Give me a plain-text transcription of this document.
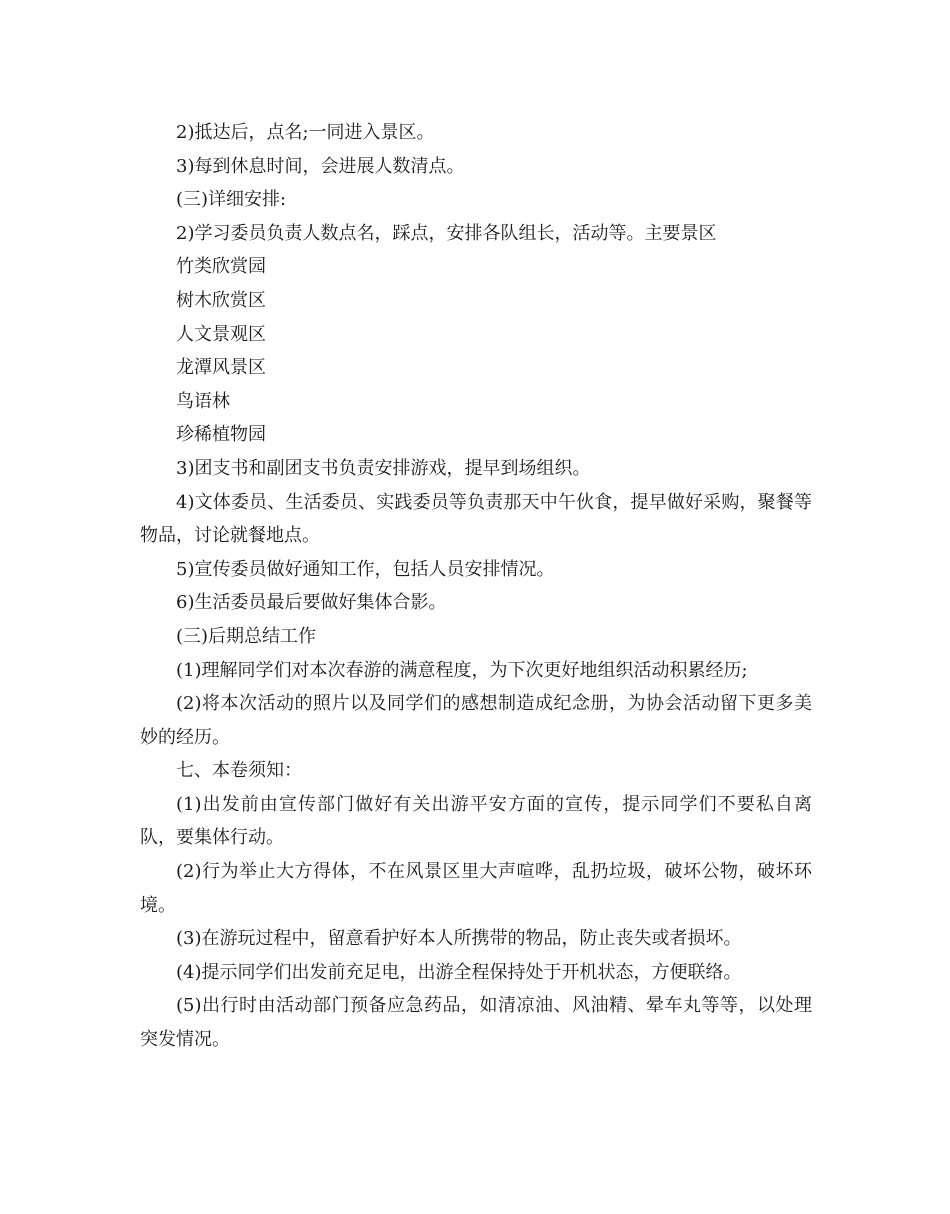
2)抵达后，点名;一同进入景区。

3)每到休息时间，会进展人数清点。

(三)详细安排:

2)学习委员负责人数点名，踩点，安排各队组长，活动等。主要景区

竹类欣赏园

树木欣赏区

人文景观区

龙潭风景区

鸟语林

珍稀植物园

3)团支书和副团支书负责安排游戏，提早到场组织。

4)文体委员、生活委员、实践委员等负责那天中午伙食，提早做好采购，聚餐等物品，讨论就餐地点。

5)宣传委员做好通知工作，包括人员安排情况。

6)生活委员最后要做好集体合影。

(三)后期总结工作

(1)理解同学们对本次春游的满意程度，为下次更好地组织活动积累经历;

(2)将本次活动的照片以及同学们的感想制造成纪念册，为协会活动留下更多美妙的经历。

七、本卷须知：

(1)出发前由宣传部门做好有关出游平安方面的宣传，提示同学们不要私自离队，要集体行动。

(2)行为举止大方得体，不在风景区里大声喧哗，乱扔垃圾，破坏公物，破坏环境。

(3)在游玩过程中，留意看护好本人所携带的物品，防止丧失或者损坏。

(4)提示同学们出发前充足电，出游全程保持处于开机状态，方便联络。

(5)出行时由活动部门预备应急药品，如清凉油、风油精、晕车丸等等，以处理突发情况。
